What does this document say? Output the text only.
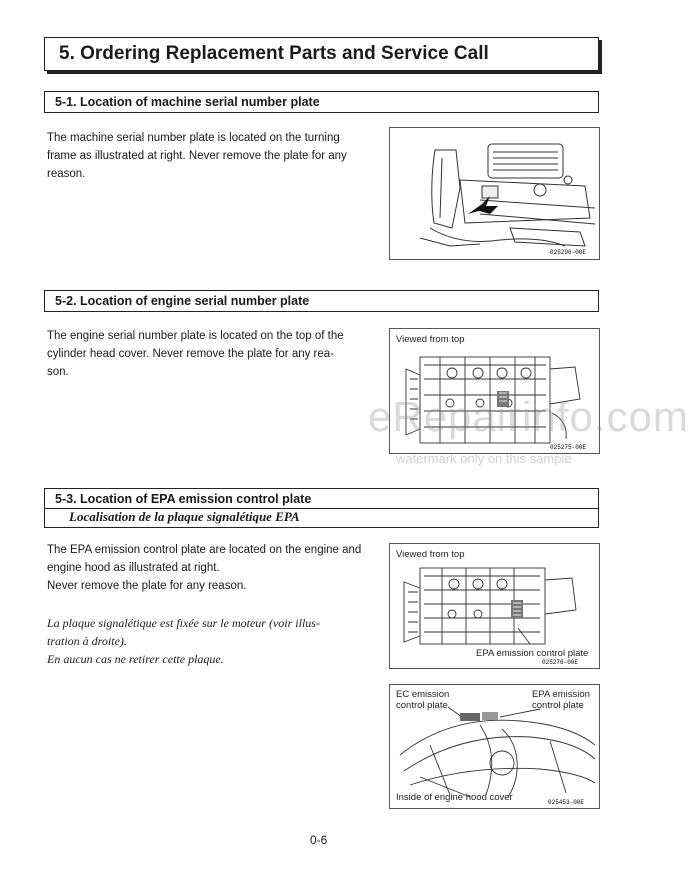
5. Ordering Replacement Parts and Service Call
5-1. Location of machine serial number plate
The machine serial number plate is located on the turning
frame as illustrated at right. Never remove the plate for any
reason.
025296-00E
5-2. Location of engine serial number plate
The engine serial number plate is located on the top of the
cylinder head cover. Never remove the plate for any rea-
son.
Viewed from top
025275-00E
eRepairinfo.com
watermark only on this sample
5-3. Location of EPA emission control plate
Localisation de la plaque signalétique EPA
The EPA emission control plate are located on the engine and
engine hood as illustrated at right.
Never remove the plate for any reason.
La plaque signalétique est fixée sur le moteur (voir illus-
tration à droite).
En aucun cas ne retirer cette plaque.
Viewed from top
025276-00E
EPA emission control plate
EC emission
control plate
EPA emission
control plate
025453-00E
Inside of engine hood cover
0-6
